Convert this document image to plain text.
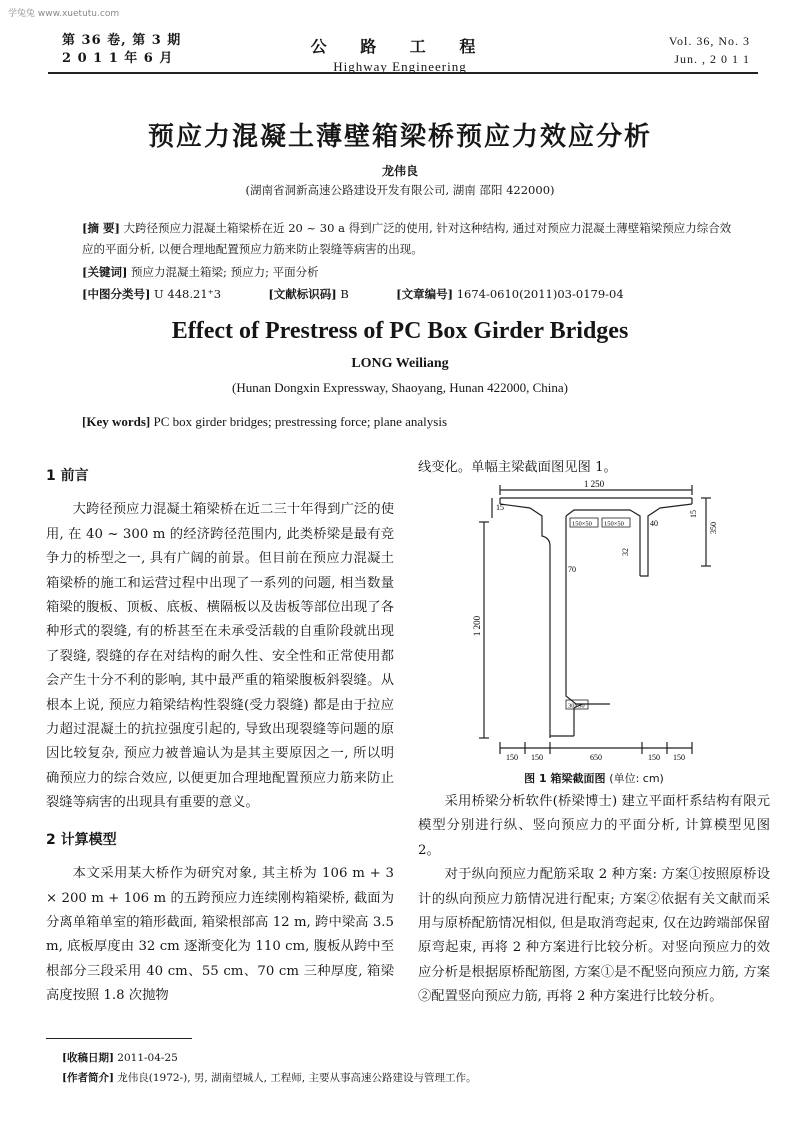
学兔兔 www.xuetutu.com
第 36 卷, 第 3 期
2 0 1 1 年 6 月
公 路 工 程
Highway Engineering
Vol. 36, No. 3
Jun. , 2 0 1 1
预应力混凝土薄壁箱梁桥预应力效应分析
龙伟良
(湖南省洞新高速公路建设开发有限公司, 湖南 邵阳 422000)
[摘 要] 大跨径预应力混凝土箱梁桥在近 20 ~ 30 a 得到广泛的使用, 针对这种结构, 通过对预应力混凝土薄壁箱梁预应力综合效应的平面分析, 以便合理地配置预应力筋来防止裂缝等病害的出现。
[关键词] 预应力混凝土箱梁; 预应力; 平面分析
[中图分类号] U 448.21⁺3	[文献标识码] B	[文章编号] 1674-0610(2011)03-0179-04
Effect of Prestress of PC Box Girder Bridges
LONG Weiliang
(Hunan Dongxin Expressway, Shaoyang, Hunan 422000, China)
[Key words] PC box girder bridges; prestressing force; plane analysis
1 前言

大跨径预应力混凝土箱梁桥在近二三十年得到广泛的使用, 在 40 ~ 300 m 的经济跨径范围内, 此类桥梁是最有竞争力的桥型之一, 具有广阔的前景。但目前在预应力混凝土箱梁桥的施工和运营过程中出现了一系列的问题, 相当数量箱梁的腹板、顶板、底板、横隔板以及齿板等部位出现了各种形式的裂缝, 有的桥甚至在未承受活载的自重阶段就出现了裂缝, 裂缝的存在对结构的耐久性、安全性和正常使用都会产生十分不利的影响, 其中最严重的箱梁腹板斜裂缝。从根本上说, 预应力箱梁结构性裂缝(受力裂缝) 都是由于拉应力超过混凝土的抗拉强度引起的, 导致出现裂缝等问题的原因比较复杂, 预应力被普遍认为是其主要原因之一, 所以明确预应力的综合效应, 以便更加合理地配置预应力筋来防止裂缝等病害的出现具有重要的意义。

2 计算模型

本文采用某大桥作为研究对象, 其主桥为 106 m + 3 × 200 m + 106 m 的五跨预应力连续刚构箱梁桥, 截面为分离单箱单室的箱形截面, 箱梁根部高 12 m, 跨中梁高 3.5 m, 底板厚度由 32 cm 逐渐变化为 110 cm, 腹板从跨中至根部分三段采用 40 cm、55 cm、70 cm 三种厚度, 箱梁高度按照 1.8 次抛物

线变化。单幅主梁截面图见图 1。
1 250
1 200
15
15
350
40
32
70
150×50 150×50
30×30
150 150	650	150 150
图 1 箱梁截面图 (单位: cm)

采用桥梁分析软件(桥梁博士) 建立平面杆系结构有限元模型分别进行纵、竖向预应力的平面分析, 计算模型见图 2。

对于纵向预应力配筋采取 2 种方案: 方案①按照原桥设计的纵向预应力筋情况进行配束; 方案②依据有关文献而采用与原桥配筋情况相似, 但是取消弯起束, 仅在边跨端部保留原弯起束, 再将 2 种方案进行比较分析。对竖向预应力的效应分析是根据原桥配筋图, 方案①是不配竖向预应力筋, 方案②配置竖向预应力筋, 再将 2 种方案进行比较分析。

[收稿日期] 2011-04-25
[作者简介] 龙伟良(1972-), 男, 湖南望城人, 工程师, 主要从事高速公路建设与管理工作。
